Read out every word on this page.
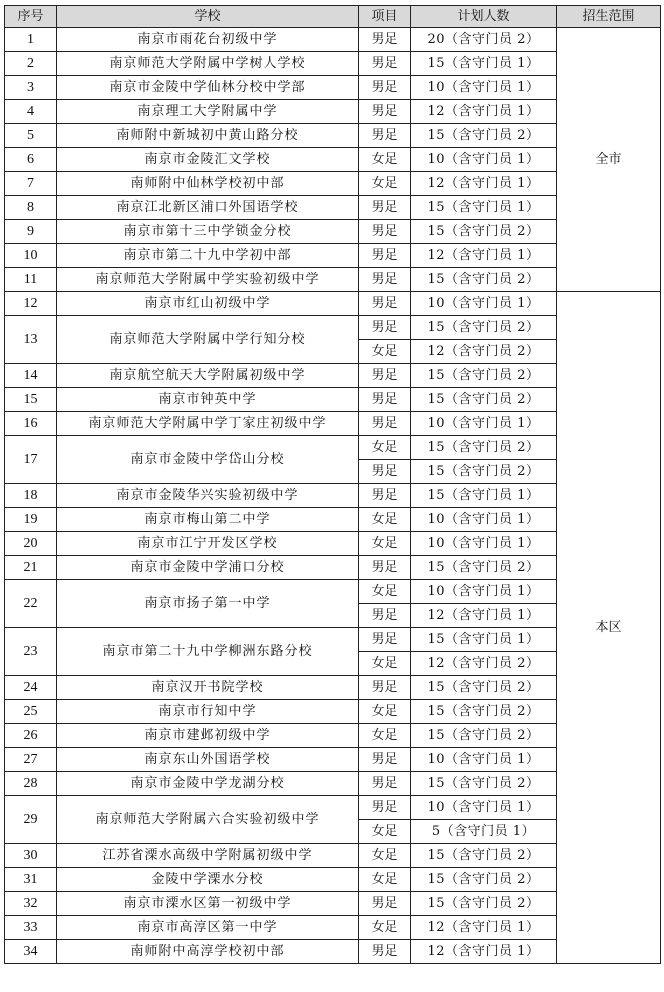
序号	学校	项目	计划人数	招生范围
1	南京市雨花台初级中学	男足	20（含守门员 2）	全市
2	南京师范大学附属中学树人学校	男足	15（含守门员 1）	
3	南京市金陵中学仙林分校中学部	男足	10（含守门员 1）	
4	南京理工大学附属中学	男足	12（含守门员 1）	
5	南师附中新城初中黄山路分校	男足	15（含守门员 2）	
6	南京市金陵汇文学校	女足	10（含守门员 1）	
7	南师附中仙林学校初中部	女足	12（含守门员 1）	
8	南京江北新区浦口外国语学校	男足	15（含守门员 1）	
9	南京市第十三中学锁金分校	男足	15（含守门员 2）	
10	南京市第二十九中学初中部	男足	12（含守门员 1）	
11	南京师范大学附属中学实验初级中学	男足	15（含守门员 2）	
12	南京市红山初级中学	男足	10（含守门员 1）	本区
13	南京师范大学附属中学行知分校	男足	15（含守门员 2）	
		女足	12（含守门员 2）	
14	南京航空航天大学附属初级中学	男足	15（含守门员 2）	
15	南京市钟英中学	男足	15（含守门员 2）	
16	南京师范大学附属中学丁家庄初级中学	男足	10（含守门员 1）	
17	南京市金陵中学岱山分校	女足	15（含守门员 2）	
		男足	15（含守门员 2）	
18	南京市金陵华兴实验初级中学	男足	15（含守门员 1）	
19	南京市梅山第二中学	女足	10（含守门员 1）	
20	南京市江宁开发区学校	女足	10（含守门员 1）	
21	南京市金陵中学浦口分校	男足	15（含守门员 2）	
22	南京市扬子第一中学	女足	10（含守门员 1）	
		男足	12（含守门员 1）	
23	南京市第二十九中学柳洲东路分校	男足	15（含守门员 1）	
		女足	12（含守门员 2）	
24	南京汉开书院学校	男足	15（含守门员 2）	
25	南京市行知中学	女足	15（含守门员 2）	
26	南京市建邺初级中学	女足	15（含守门员 2）	
27	南京东山外国语学校	男足	10（含守门员 1）	
28	南京市金陵中学龙湖分校	男足	15（含守门员 2）	
29	南京师范大学附属六合实验初级中学	男足	10（含守门员 1）	
		女足	5（含守门员 1）	
30	江苏省溧水高级中学附属初级中学	女足	15（含守门员 2）	
31	金陵中学溧水分校	女足	15（含守门员 2）	
32	南京市溧水区第一初级中学	男足	15（含守门员 2）	
33	南京市高淳区第一中学	女足	12（含守门员 1）	
34	南师附中高淳学校初中部	男足	12（含守门员 1）	
